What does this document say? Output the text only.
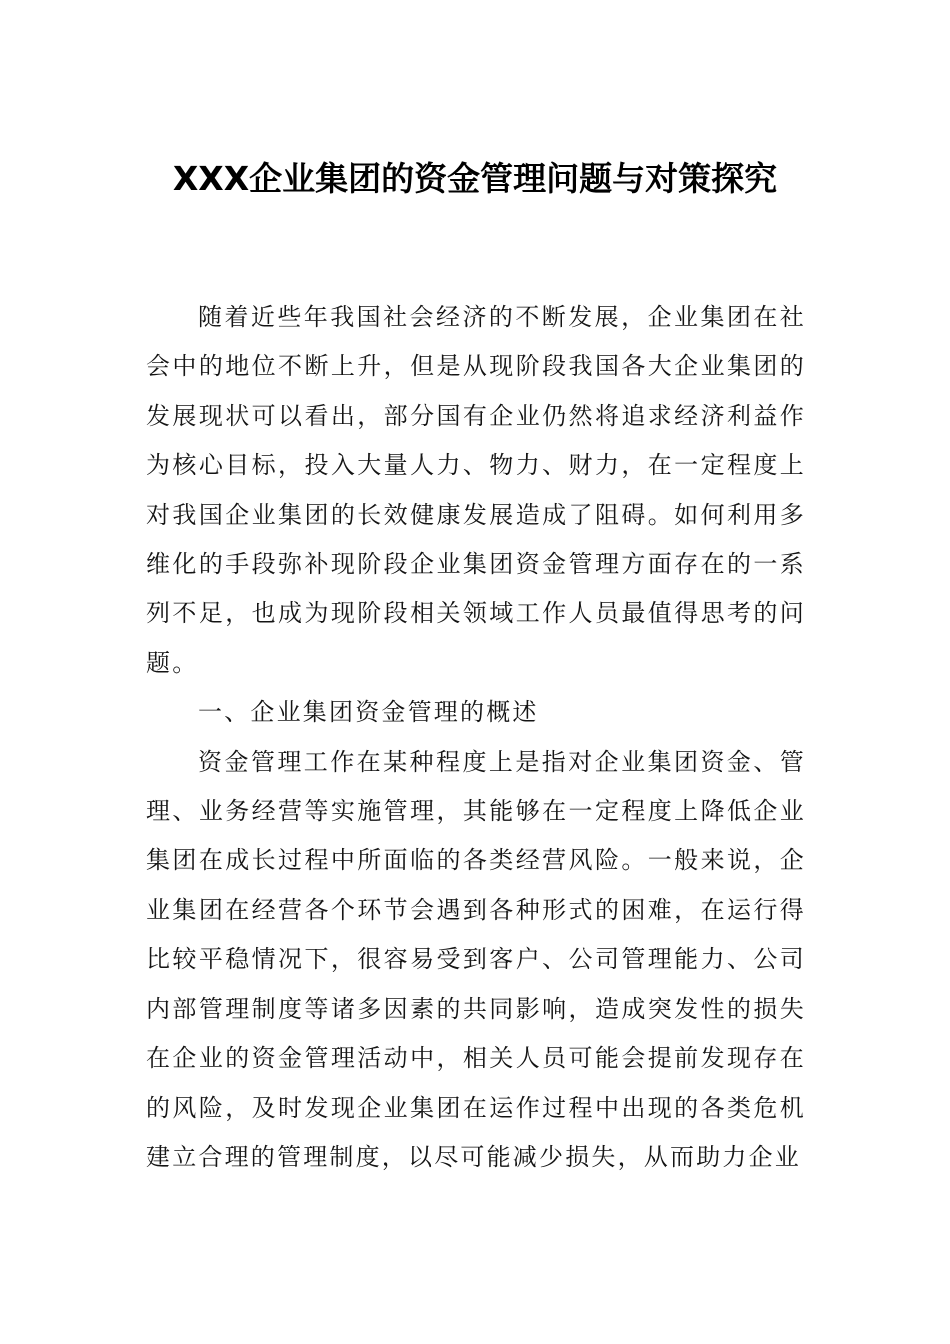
XXX企业集团的资金管理问题与对策探究

随着近些年我国社会经济的不断发展，企业集团在社会中的地位不断上升，但是从现阶段我国各大企业集团的发展现状可以看出，部分国有企业仍然将追求经济利益作为核心目标，投入大量人力、物力、财力，在一定程度上对我国企业集团的长效健康发展造成了阻碍。如何利用多维化的手段弥补现阶段企业集团资金管理方面存在的一系列不足，也成为现阶段相关领域工作人员最值得思考的问题。

一、企业集团资金管理的概述

资金管理工作在某种程度上是指对企业集团资金、管理、业务经营等实施管理，其能够在一定程度上降低企业集团在成长过程中所面临的各类经营风险。一般来说，企业集团在经营各个环节会遇到各种形式的困难，在运行得比较平稳情况下，很容易受到客户、公司管理能力、公司内部管理制度等诸多因素的共同影响，造成突发性的损失在企业的资金管理活动中，相关人员可能会提前发现存在的风险，及时发现企业集团在运作过程中出现的各类危机建立合理的管理制度，以尽可能减少损失，从而助力企业
